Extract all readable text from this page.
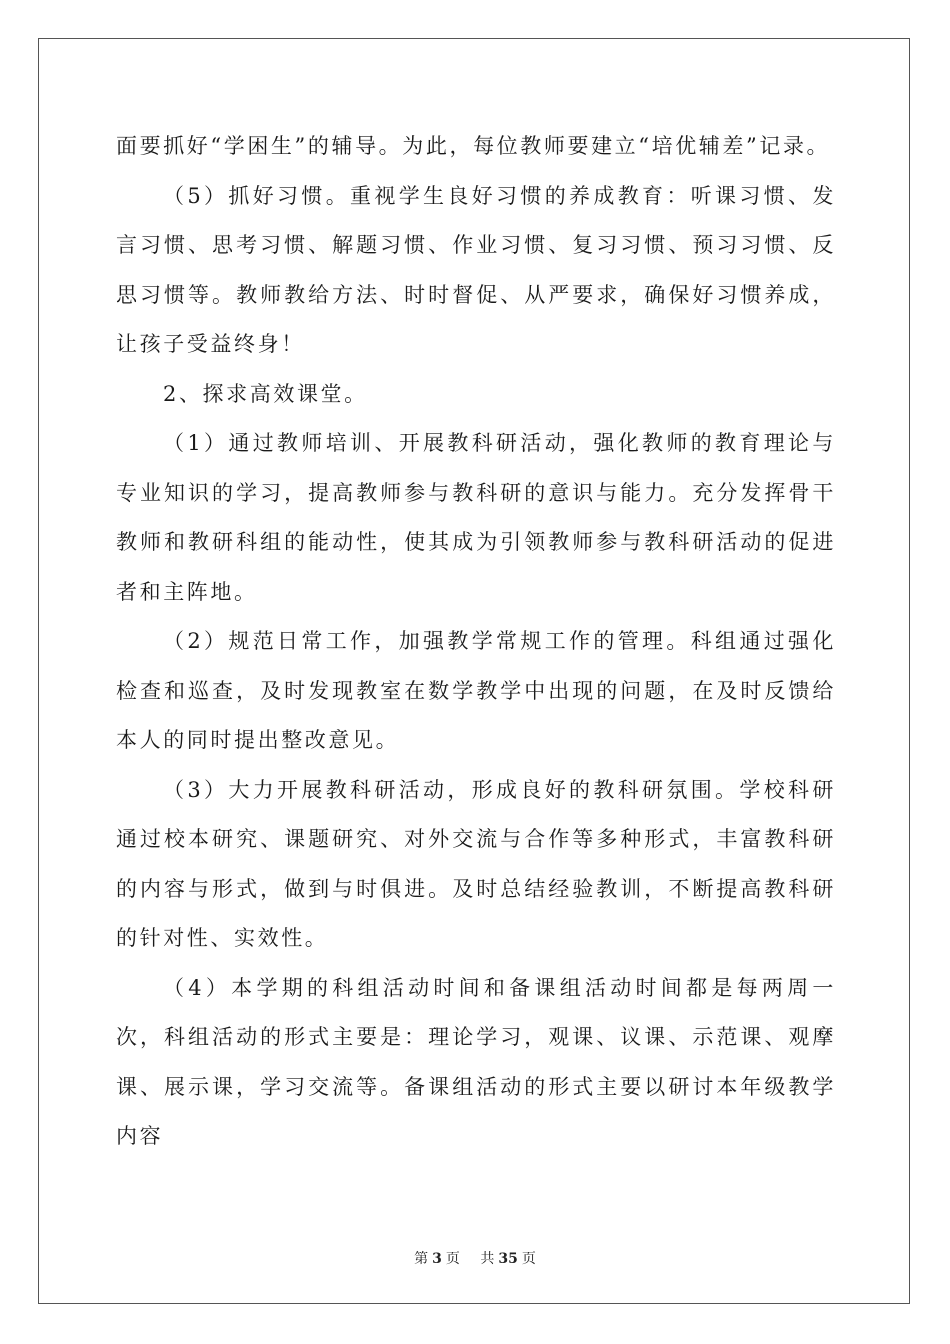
面要抓好“学困生”的辅导。为此，每位教师要建立“培优辅差”记录。

（5）抓好习惯。重视学生良好习惯的养成教育：听课习惯、发言习惯、思考习惯、解题习惯、作业习惯、复习习惯、预习习惯、反思习惯等。教师教给方法、时时督促、从严要求，确保好习惯养成，让孩子受益终身！

2、探求高效课堂。

（1）通过教师培训、开展教科研活动，强化教师的教育理论与专业知识的学习，提高教师参与教科研的意识与能力。充分发挥骨干教师和教研科组的能动性，使其成为引领教师参与教科研活动的促进者和主阵地。

（2）规范日常工作，加强教学常规工作的管理。科组通过强化检查和巡查，及时发现教室在数学教学中出现的问题，在及时反馈给本人的同时提出整改意见。

（3）大力开展教科研活动，形成良好的教科研氛围。学校科研通过校本研究、课题研究、对外交流与合作等多种形式，丰富教科研的内容与形式，做到与时俱进。及时总结经验教训，不断提高教科研的针对性、实效性。

（4）本学期的科组活动时间和备课组活动时间都是每两周一次，科组活动的形式主要是：理论学习，观课、议课、示范课、观摩课、展示课，学习交流等。备课组活动的形式主要以研讨本年级教学内容

第 3 页 共 35 页
